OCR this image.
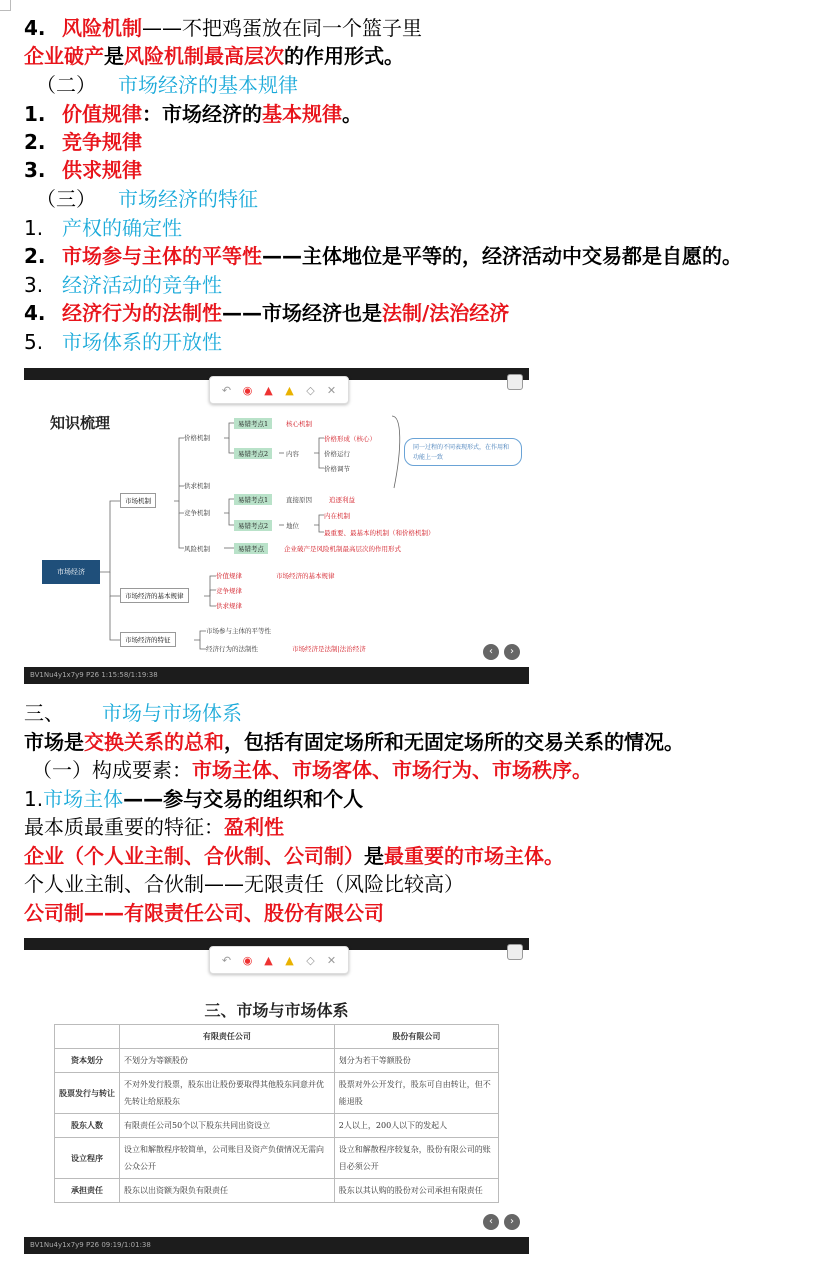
4. 风险机制——不把鸡蛋放在同一个篮子里
企业破产是风险机制最高层次的作用形式。
（二） 市场经济的基本规律
1. 价值规律：市场经济的基本规律。
2. 竞争规律
3. 供求规律
（三） 市场经济的特征
1. 产权的确定性
2. 市场参与主体的平等性——主体地位是平等的，经济活动中交易都是自愿的。
3. 经济活动的竞争性
4. 经济行为的法制性——市场经济也是法制/法治经济
5. 市场体系的开放性
↶ ◉ ▲ ▲ ◇ ✕
知识梳理
市场经济
市场机制
价格机制
易错考点1	核心机制
易错考点2	内容
价格形成（核心）
价格运行
价格调节
同一过程的不同表现形式，在作用和功能上一致
供求机制
竞争机制
易错考点1	直接原因	追逐利益
易错考点2	地位
内在机制
最重要、最基本的机制（和价格机制）
风险机制	易错考点	企业破产是风险机制最高层次的作用形式
市场经济的基本规律
价值规律	市场经济的基本规律
竞争规律
供求规律
市场经济的特征
市场参与主体的平等性
经济行为的法制性	市场经济是法制|法治经济	‹	›
BV1Nu4y1x7y9 P26 1:15:58/1:19:38
三、 市场与市场体系
市场是交换关系的总和，包括有固定场所和无固定场所的交易关系的情况。
（一）构成要素：市场主体、市场客体、市场行为、市场秩序。
1.市场主体——参与交易的组织和个人
最本质最重要的特征：盈利性
企业（个人业主制、合伙制、公司制）是最重要的市场主体。
个人业主制、合伙制——无限责任（风险比较高）
公司制——有限责任公司、股份有限公司
↶ ◉ ▲ ▲ ◇ ✕
三、市场与市场体系
	有限责任公司	股份有限公司
资本划分	不划分为等额股份	划分为若干等额股份
股票发行与转让	不对外发行股票，股东出让股份要取得其他股东同意并优先转让给原股东	股票对外公开发行，股东可自由转让，但不能退股
股东人数	有限责任公司50个以下股东共同出资设立	2人以上，200人以下的发起人
设立程序	设立和解散程序较简单，公司账目及资产负债情况无需向公众公开	设立和解散程序较复杂，股份有限公司的账目必须公开
承担责任	股东以出资额为限负有限责任	股东以其认购的股份对公司承担有限责任
‹	›
BV1Nu4y1x7y9 P26 09:19/1:01:38
